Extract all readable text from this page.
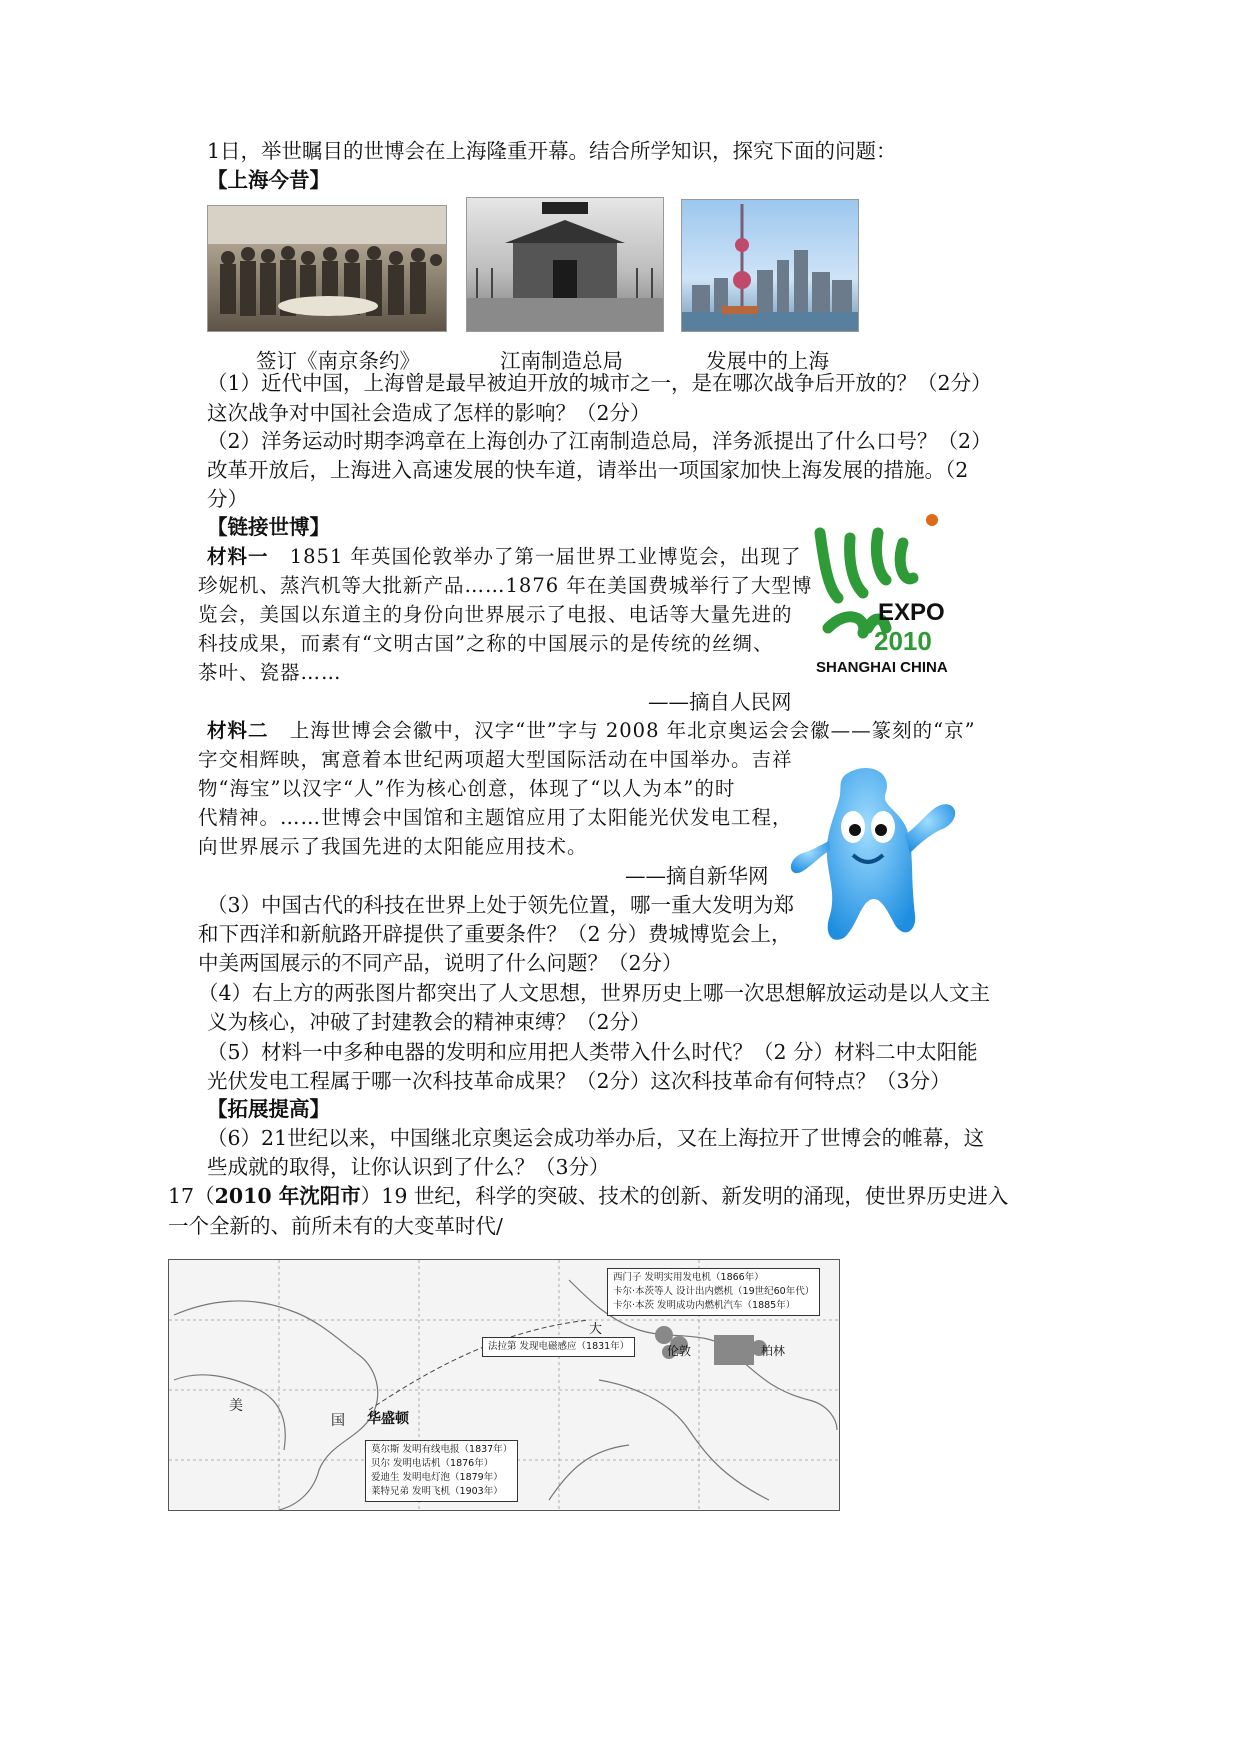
1日，举世瞩目的世博会在上海隆重开幕。结合所学知识，探究下面的问题：
【上海今昔】
签订《南京条约》	江南制造总局	发展中的上海
（1）近代中国，上海曾是最早被迫开放的城市之一，是在哪次战争后开放的？（2分）
这次战争对中国社会造成了怎样的影响？（2分）
（2）洋务运动时期李鸿章在上海创办了江南制造总局，洋务派提出了什么口号？（2）
改革开放后，上海进入高速发展的快车道，请举出一项国家加快上海发展的措施。（2
分）
【链接世博】
材料一 1851 年英国伦敦举办了第一届世界工业博览会，出现了
珍妮机、蒸汽机等大批新产品……1876 年在美国费城举行了大型博
览会，美国以东道主的身份向世界展示了电报、电话等大量先进的
科技成果，而素有“文明古国”之称的中国展示的是传统的丝绸、
茶叶、瓷器……
——摘自人民网
EXPO
2010
SHANGHAI CHINA
材料二 上海世博会会徽中，汉字“世”字与 2008 年北京奥运会会徽——篆刻的“京”
字交相辉映，寓意着本世纪两项超大型国际活动在中国举办。吉祥
物“海宝”以汉字“人”作为核心创意，体现了“以人为本”的时
代精神。……世博会中国馆和主题馆应用了太阳能光伏发电工程，
向世界展示了我国先进的太阳能应用技术。
——摘自新华网
（3）中国古代的科技在世界上处于领先位置，哪一重大发明为郑
和下西洋和新航路开辟提供了重要条件？（2 分）费城博览会上，
中美两国展示的不同产品，说明了什么问题？（2分）
（4）右上方的两张图片都突出了人文思想，世界历史上哪一次思想解放运动是以人文主
义为核心，冲破了封建教会的精神束缚？（2分）
（5）材料一中多种电器的发明和应用把人类带入什么时代？（2 分）材料二中太阳能
光伏发电工程属于哪一次科技革命成果？（2分）这次科技革命有何特点？（3分）
【拓展提高】
（6）21世纪以来，中国继北京奥运会成功举办后，又在上海拉开了世博会的帷幕，这
些成就的取得，让你认识到了什么？（3分）
17（2010 年沈阳市）19 世纪，科学的突破、技术的创新、新发明的涌现，使世界历史进入
一个全新的、前所未有的大变革时代/
西门子 发明实用发电机（1866年）
卡尔·本茨等人 设计出内燃机（19世纪60年代）
卡尔·本茨 发明成功内燃机汽车（1885年）
法拉第 发现电磁感应（1831年）
莫尔斯 发明有线电报（1837年）
贝尔 发明电话机（1876年）
爱迪生 发明电灯泡（1879年）
莱特兄弟 发明飞机（1903年）
美
国 华盛顿
伦敦	柏林
大
